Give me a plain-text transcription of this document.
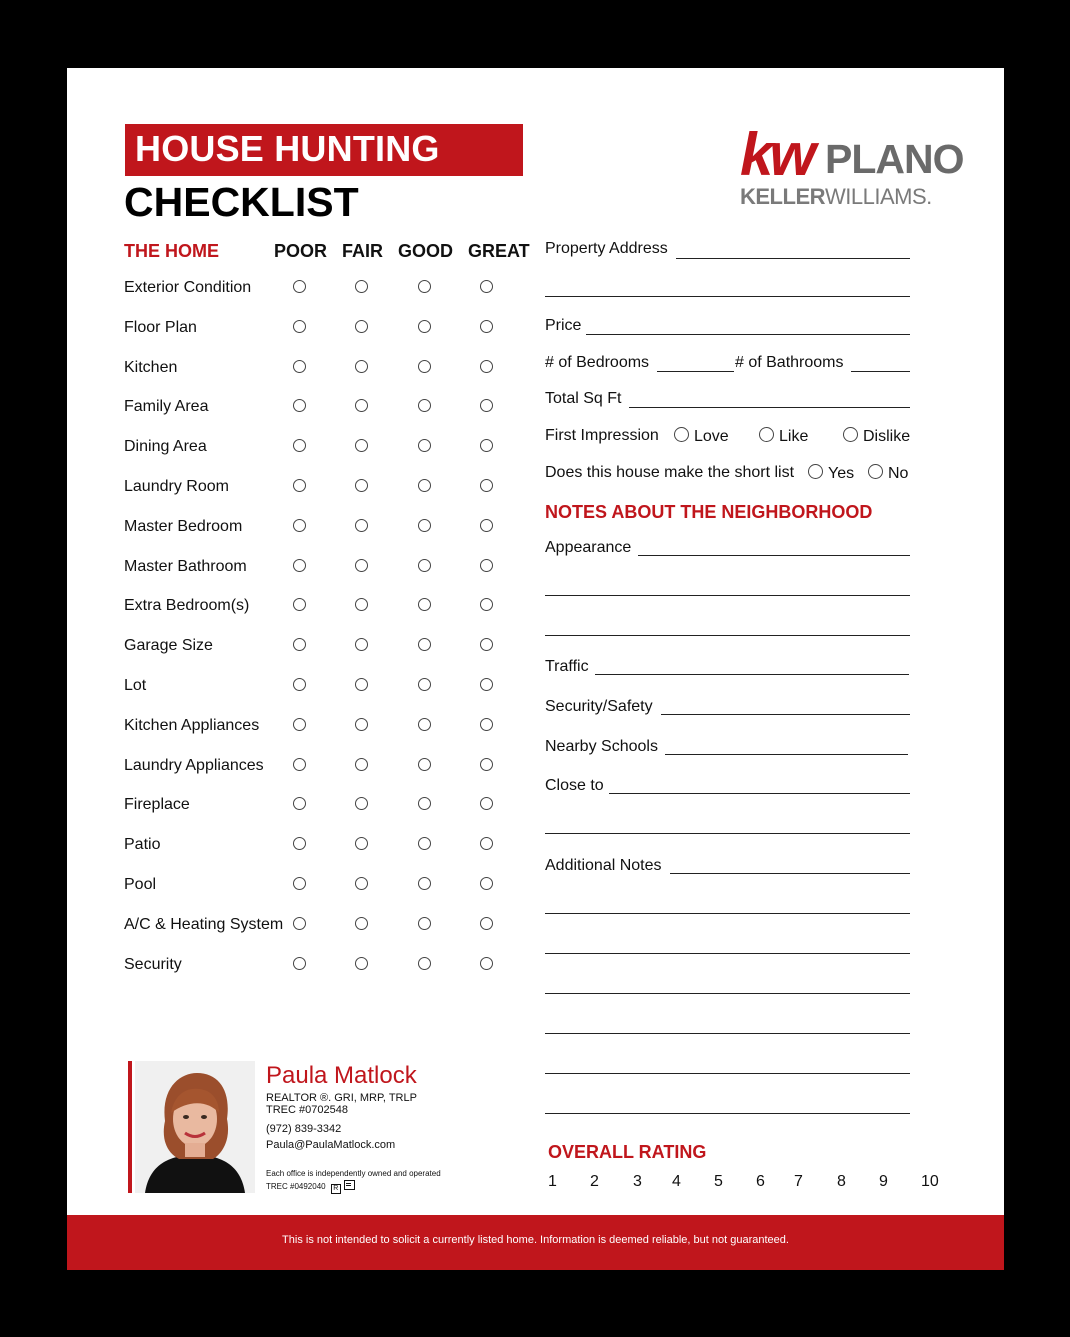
HOUSE HUNTING
CHECKLIST
kw PLANO
KELLERWILLIAMS.
THE HOME	POOR FAIR GOOD GREAT
Exterior Condition
Floor Plan
Kitchen
Family Area
Dining Area
Laundry Room
Master Bedroom
Master Bathroom
Extra Bedroom(s)
Garage Size
Lot
Kitchen Appliances
Laundry Appliances
Fireplace
Patio
Pool
A/C & Heating System
Security
Property Address
Price
# of Bedrooms	# of Bathrooms
Total Sq Ft
First Impression	Love	Like	Dislike
Does this house make the short list	Yes	No
NOTES ABOUT THE NEIGHBORHOOD
Appearance
Traffic
Security/Safety
Nearby Schools
Close to
Additional Notes
OVERALL RATING
1 2 3 4 5 6 7 8 9 10
Paula Matlock
REALTOR ®. GRI, MRP, TRLP
TREC #0702548
(972) 839-3342
Paula@PaulaMatlock.com
Each office is independently owned and operated
TREC #0492040 R
This is not intended to solicit a currently listed home. Information is deemed reliable, but not guaranteed.
